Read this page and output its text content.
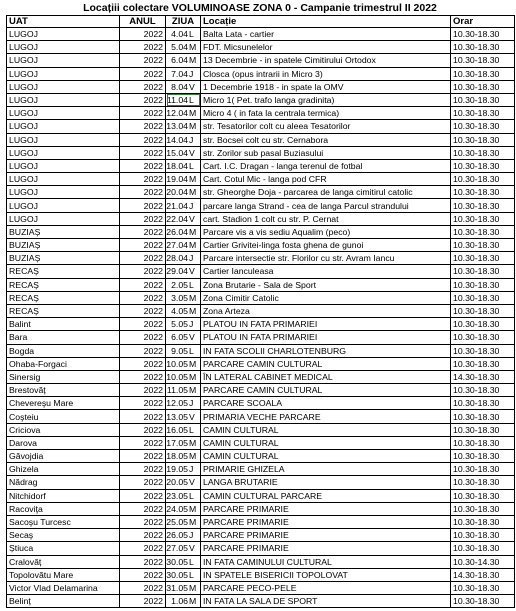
Locațiii colectare VOLUMINOASE ZONA 0 - Campanie trimestrul II 2022
UAT	ANUL	ZIUA	Locație	Orar
LUGOJ	2022	4.04L	Balta Lata - cartier	10.30-18.30
LUGOJ	2022	5.04M	FDT. Micsunelelor	10.30-18.30
LUGOJ	2022	6.04M	13 Decembrie - in spatele Cimitirului Ortodox	10.30-18.30
LUGOJ	2022	7.04J	Closca (opus intrarii in Micro 3)	10.30-18.30
LUGOJ	2022	8.04V	1 Decembrie 1918 - in spate la OMV	10.30-18.30
LUGOJ	2022	11.04L	Micro 1( Pet. trafo langa gradinita)	10.30-18.30
LUGOJ	2022	12.04M	Micro 4 ( in fata la centrala termica)	10.30-18.30
LUGOJ	2022	13.04M	str. Tesatorilor colt cu aleea Tesatorilor	10.30-18.30
LUGOJ	2022	14.04J	str. Bocsei colt cu str. Cernabora	10.30-18.30
LUGOJ	2022	15.04V	str. Zorilor sub pasal Buziasului	10.30-18.30
LUGOJ	2022	18.04L	Cart. I.C. Dragan - langa terenul de fotbal	10.30-18.30
LUGOJ	2022	19.04M	Cart. Cotul Mic - langa pod CFR	10.30-18.30
LUGOJ	2022	20.04M	str. Gheorghe Doja - parcarea de langa cimitirul catolic	10.30-18.30
LUGOJ	2022	21.04J	parcare langa Strand - cea de langa Parcul strandului	10.30-18.30
LUGOJ	2022	22.04V	cart. Stadion 1 colt cu str. P. Cernat	10.30-18.30
BUZIAȘ	2022	26.04M	Parcare vis a vis sediu Aqualim (peco)	10.30-18.30
BUZIAȘ	2022	27.04M	Cartier Grivitei-linga fosta ghena de gunoi	10.30-18.30
BUZIAȘ	2022	28.04J	Parcare intersectie str. Florilor cu str. Avram Iancu	10.30-18.30
RECAȘ	2022	29.04V	Cartier Ianculeasa	10.30-18.30
RECAȘ	2022	2.05L	Zona Brutarie - Sala de Sport	10.30-18.30
RECAȘ	2022	3.05M	Zona Cimitir Catolic	10.30-18.30
RECAȘ	2022	4.05M	Zona Arteza	10.30-18.30
Balint	2022	5.05J	PLATOU IN FATA PRIMARIEI	10.30-18.30
Bara	2022	6.05V	PLATOU IN FATA PRIMARIEI	10.30-18.30
Bogda	2022	9.05L	IN FATA SCOLII CHARLOTENBURG	10.30-18.30
Ohaba-Forgaci	2022	10.05M	PARCARE CAMIN CULTURAL	10.30-18.30
Sinersig	2022	10.05M	ÎN LATERAL CABINET MEDICAL	14.30-18.30
Brestovăț	2022	11.05M	PARCARE CAMIN CULTURAL	10.30-18.30
Chevereşu Mare	2022	12.05J	PARCARE SCOALA	10.30-18.30
Coşteiu	2022	13.05V	PRIMARIA VECHE PARCARE	10.30-18.30
Criciova	2022	16.05L	CAMIN CULTURAL	10.30-18.30
Darova	2022	17.05M	CAMIN CULTURAL	10.30-18.30
Găvojdia	2022	18.05M	CAMIN CULTURAL	10.30-18.30
Ghizela	2022	19.05J	PRIMARIE GHIZELA	10.30-18.30
Nădrag	2022	20.05V	LANGA BRUTARIE	10.30-18.30
Nitchidorf	2022	23.05L	CAMIN CULTURAL PARCARE	10.30-18.30
Racoviţa	2022	24.05M	PARCARE PRIMARIE	10.30-18.30
Sacoşu Turcesc	2022	25.05M	PARCARE PRIMARIE	10.30-18.30
Secaş	2022	26.05J	PARCARE PRIMARIE	10.30-18.30
Știuca	2022	27.05V	PARCARE PRIMARIE	10.30-18.30
Cralovăț	2022	30.05L	IN FATA CAMINULUI CULTURAL	10.30-14.30
Topolovătu Mare	2022	30.05L	IN SPATELE BISERICII TOPOLOVAT	14.30-18.30
Victor Vlad Delamarina	2022	31.05M	PARCARE PECO-PELE	10.30-18.30
Belinț	2022	1.06M	IN FATA LA SALA DE SPORT	10.30-18.30
